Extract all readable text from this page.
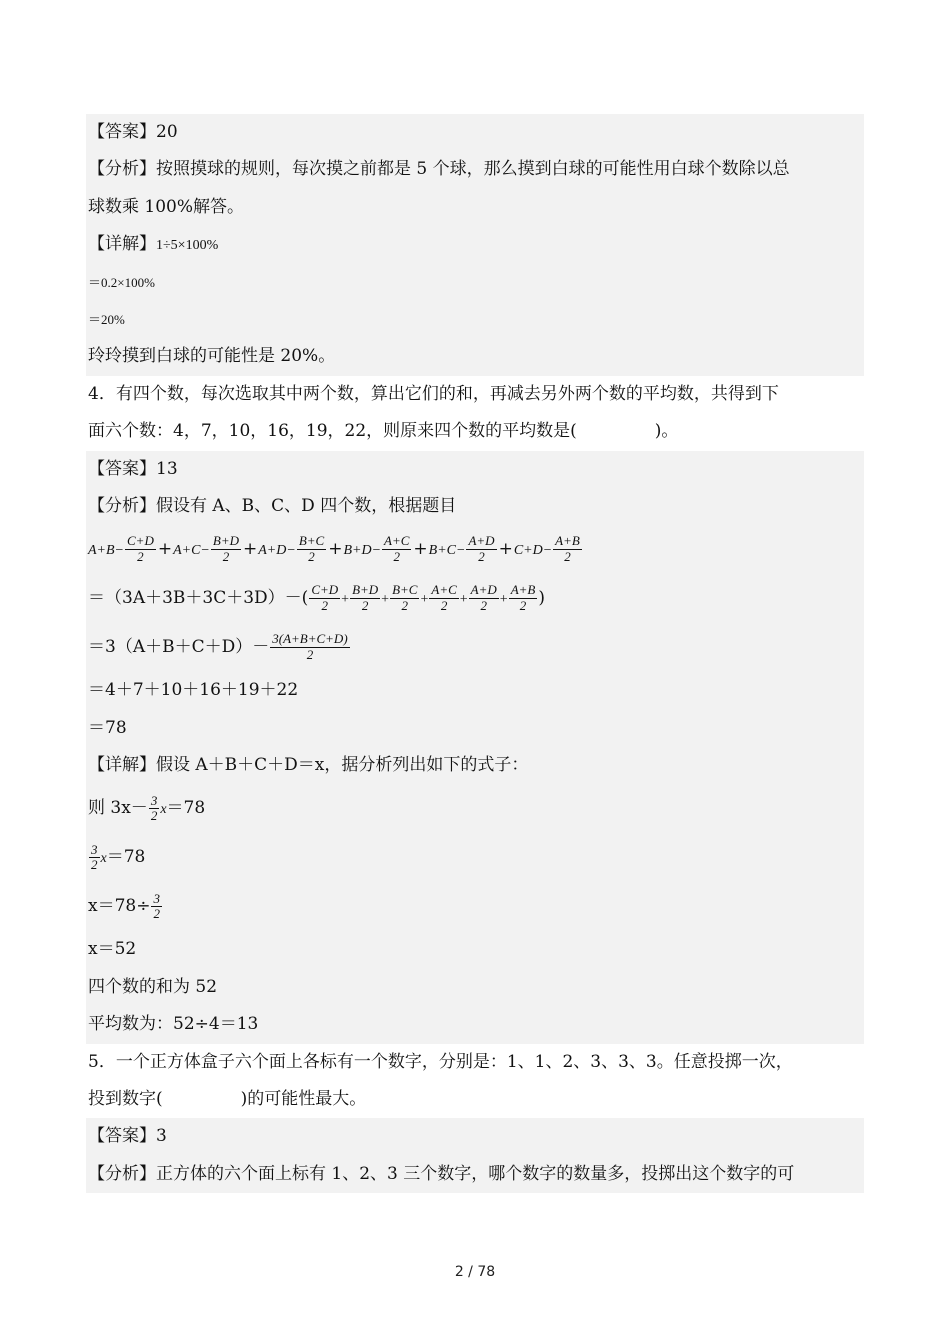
【答案】20
【分析】按照摸球的规则，每次摸之前都是 5 个球，那么摸到白球的可能性用白球个数除以总
球数乘 100%解答。
【详解】1÷5×100%
＝0.2×100%
＝20%
玲玲摸到白球的可能性是 20%。
4．有四个数，每次选取其中两个数，算出它们的和，再减去另外两个数的平均数，共得到下
面六个数：4，7，10，16，19，22，则原来四个数的平均数是(	)。
【答案】13
【分析】假设有 A、B、C、D 四个数，根据题目
$A+B- \frac{C+D}{2} +A+C- \frac{B+D}{2} +A+D- \frac{B+C}{2} +B+D- \frac{A+C}{2} +B+C- \frac{A+D}{2} +C+D- \frac{A+B}{2}$
$=(3A+3B+3C+3D)-( \frac{C+D}{2} + \frac{B+D}{2} + \frac{B+C}{2} + \frac{A+C}{2} + \frac{A+D}{2} + \frac{A+B}{2}$ )
$=3(A+B+C+D)- \frac{3(A+B+C+D)}{2}$
＝4＋7＋10＋16＋19＋22
＝78
【详解】假设 A＋B＋C＋D＝x，据分析列出如下的式子：
则 $3x- \frac{3}{2} x=78$
$\frac{3}{2} x=78$
$x=78\div \frac{3}{2}$
x＝52
四个数的和为 52
平均数为：52÷4＝13
5．一个正方体盒子六个面上各标有一个数字，分别是：1、1、2、3、3、3。任意投掷一次，
投到数字(	)的可能性最大。
【答案】3
【分析】正方体的六个面上标有 1、2、3 三个数字，哪个数字的数量多，投掷出这个数字的可
2 / 78
